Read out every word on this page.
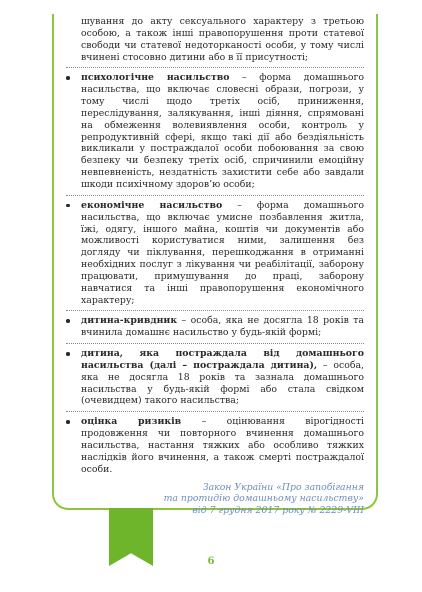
шування до акту сексуального характеру з третьою особою, а також інші правопорушення проти статевої свободи чи статевої недоторканості особи, у тому числі вчинені стосовно дитини або в її присутності;

психологічне насильство – форма домашнього насильства, що включає словесні образи, погрози, у тому числі щодо третіх осіб, приниження, переслідування, залякування, інші діяння, спрямовані на обмеження волевиявлення особи, контроль у репродуктивній сфері, якщо такі дії або бездіяльність викликали у постраждалої особи побоювання за свою безпеку чи безпеку третіх осіб, спричинили емоційну невпевненість, нездатність захистити себе або завдали шкоди психічному здоров’ю особи;

економічне насильство – форма домашнього насильства, що включає умисне позбавлення житла, їжі, одягу, іншого майна, коштів чи документів або можливості користуватися ними, залишення без догляду чи піклування, перешкоджання в отриманні необхідних послуг з лікування чи реабілітації, заборону працювати, примушування до праці, заборону навчатися та інші правопорушення економічного характеру;

дитина-кривдник – особа, яка не досягла 18 років та вчинила домашнє насильство у будь-якій формі;

дитина, яка постраждала від домашнього насильства (далі – постраждала дитина), – особа, яка не досягла 18 років та зазнала домашнього насильства у будь-якій формі або стала свідком (очевидцем) такого насильства;

оцінка ризиків – оцінювання вірогідності продовження чи повторного вчинення домашнього насильства, настання тяжких або особливо тяжких наслідків його вчинення, а також смерті постраждалої особи.

Закон України «Про запобігання
та протидію домашньому насильству»
від 7 грудня 2017 року № 2229-VIII
6
